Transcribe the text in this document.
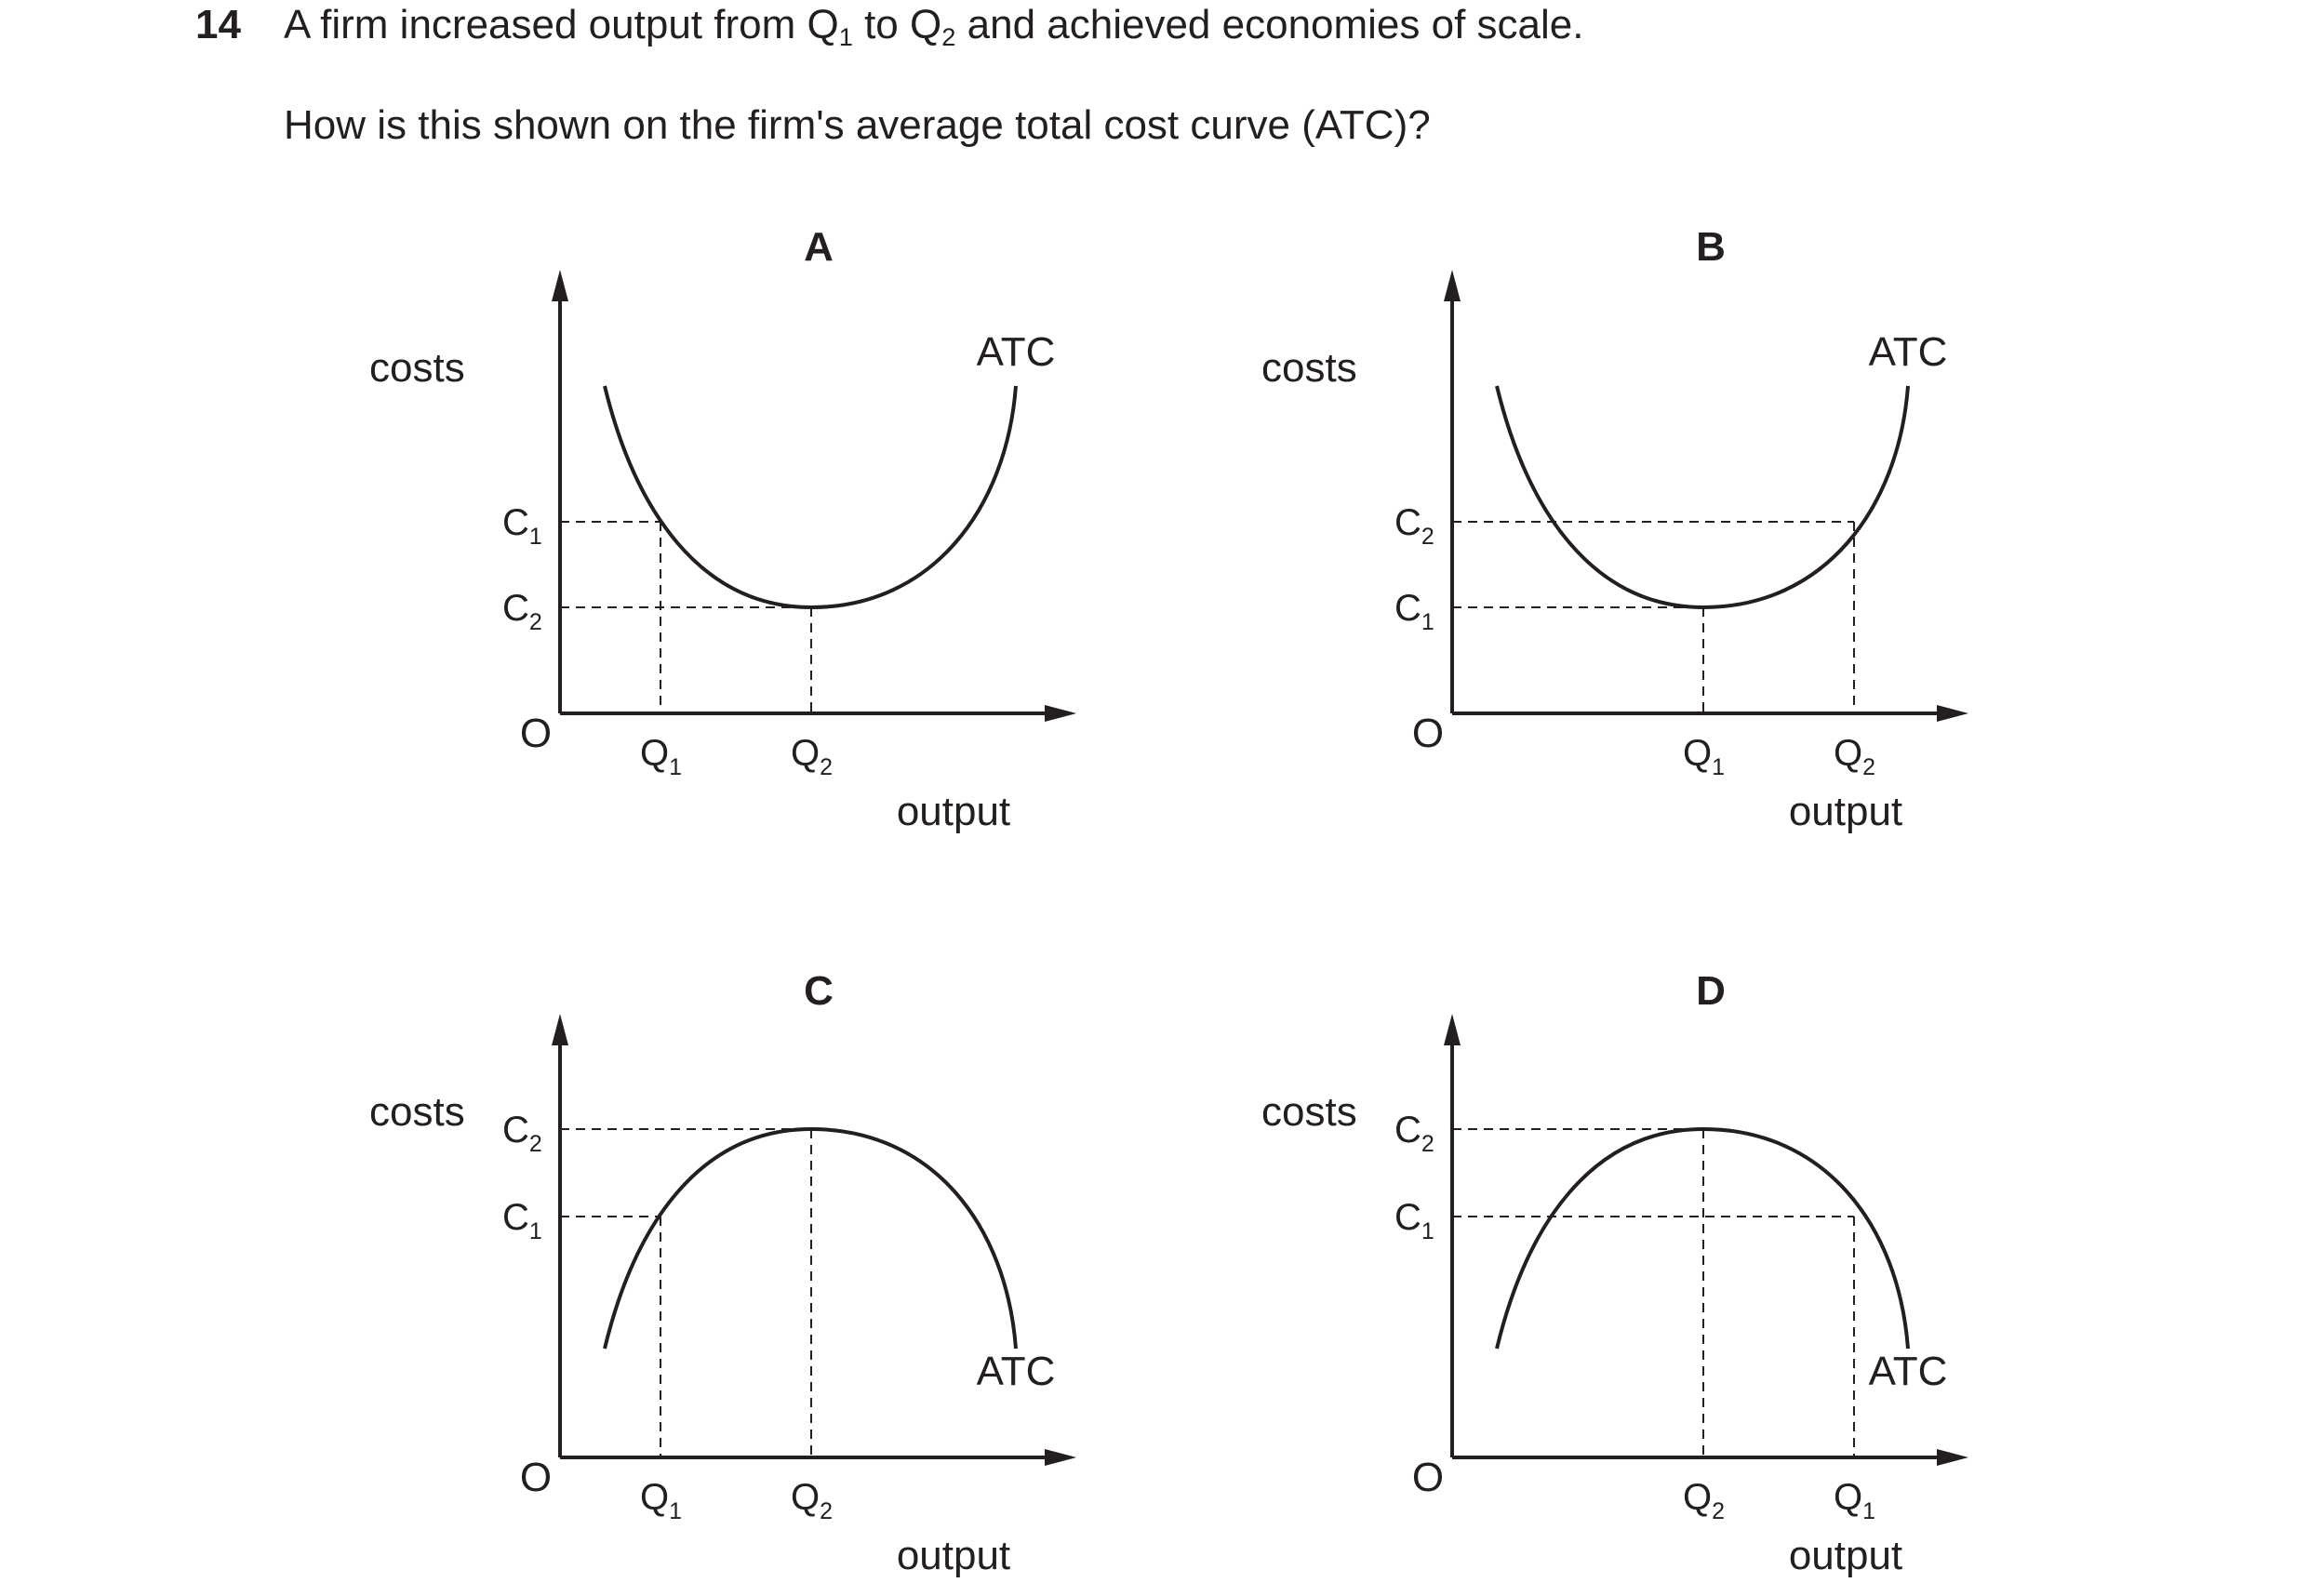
14 A firm increased output from $Q_1$ to $Q_2$ and achieved economies of scale.
How is this shown on the firm's average total cost curve (ATC)?
A
O
costs
output
ATC
$Q_1$	$Q_2$
$C_1$
$C_2$
B
O
costs
output
ATC
$Q_1$	$Q_2$
$C_2$
$C_1$
C
O
costs
output
ATC
$Q_1$	$Q_2$
$C_2$
$C_1$
D
O
costs
output
ATC
$Q_2$	$Q_1$
$C_2$
$C_1$
